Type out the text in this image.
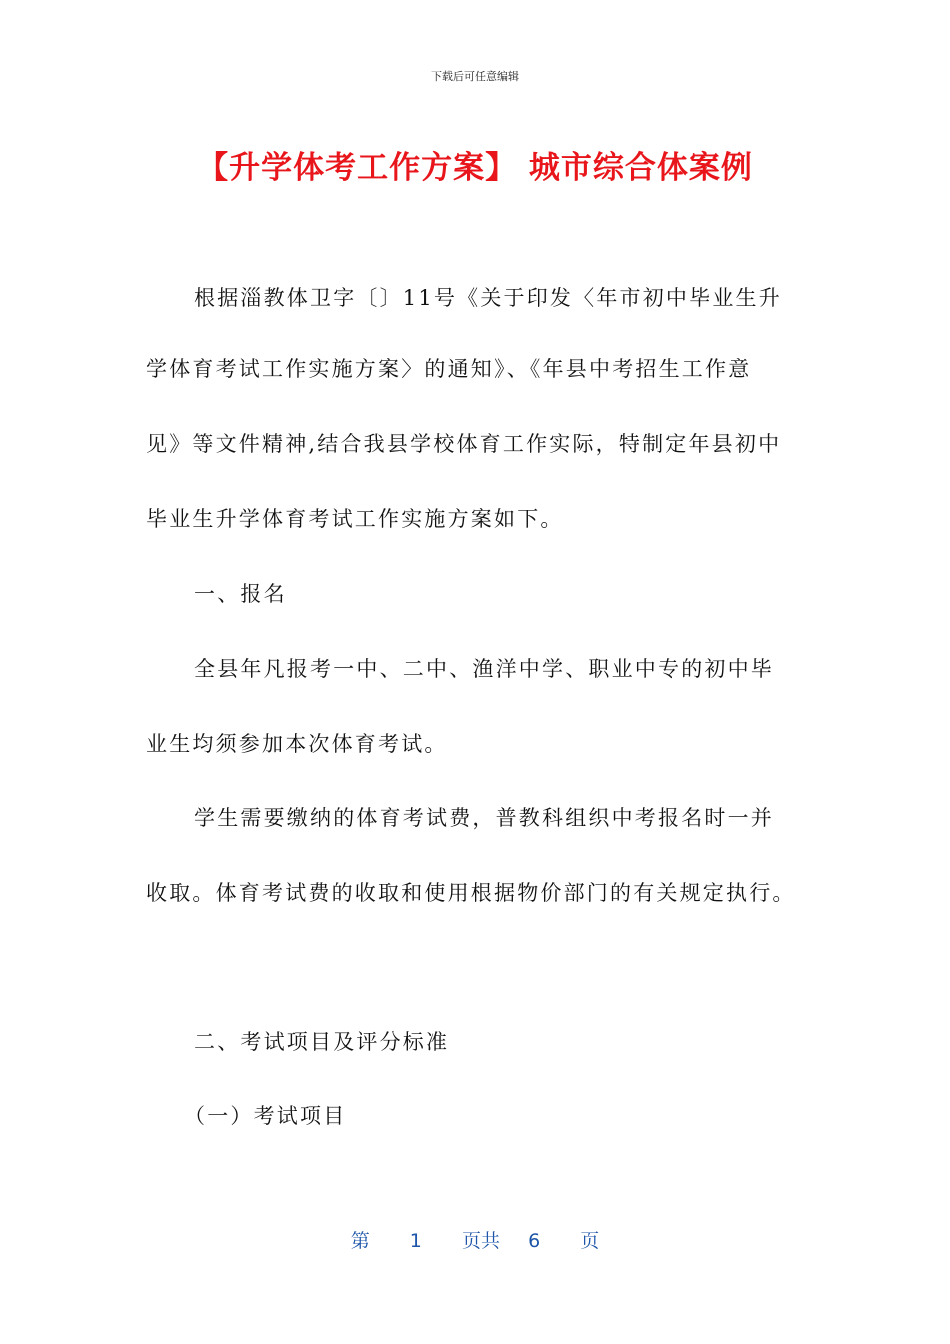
下载后可任意编辑
【升学体考工作方案】 城市综合体案例
根据淄教体卫字〔〕11号《关于印发〈年市初中毕业生升
学体育考试工作实施方案〉的通知》、《年县中考招生工作意
见》等文件精神,结合我县学校体育工作实际，特制定年县初中
毕业生升学体育考试工作实施方案如下。
一、报名
全县年凡报考一中、二中、渔洋中学、职业中专的初中毕
业生均须参加本次体育考试。
学生需要缴纳的体育考试费，普教科组织中考报名时一并
收取。体育考试费的收取和使用根据物价部门的有关规定执行。
二、考试项目及评分标准
（一）考试项目
第 1 页共 6 页
